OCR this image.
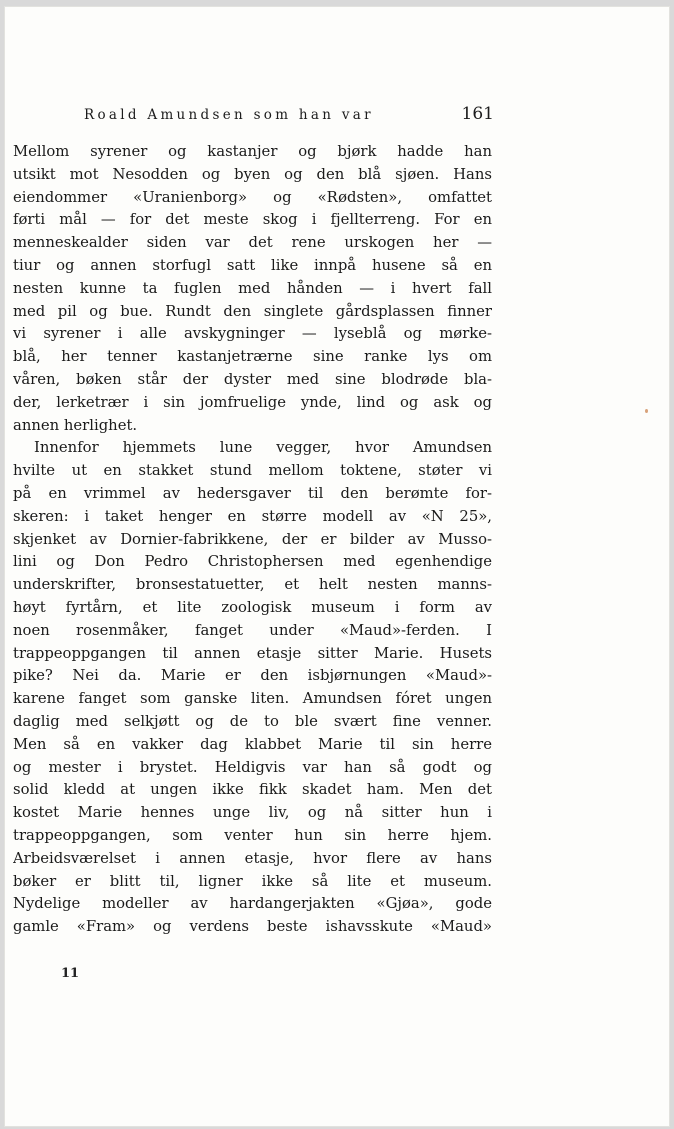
Roald Amundsen som han var	161
Mellom syrener og kastanjer og bjørk hadde han
utsikt mot Nesodden og byen og den blå sjøen. Hans
eiendommer «Uranienborg» og «Rødsten», omfattet
førti mål — for det meste skog i fjellterreng. For en
menneskealder siden var det rene urskogen her —
tiur og annen storfugl satt like innpå husene så en
nesten kunne ta fuglen med hånden — i hvert fall
med pil og bue. Rundt den singlete gårdsplassen finner
vi syrener i alle avskygninger — lyseblå og mørke-
blå, her tenner kastanjetrærne sine ranke lys om
våren, bøken står der dyster med sine blodrøde bla-
der, lerketrær i sin jomfruelige ynde, lind og ask og
annen herlighet.
Innenfor hjemmets lune vegger, hvor Amundsen
hvilte ut en stakket stund mellom toktene, støter vi
på en vrimmel av hedersgaver til den berømte for-
skeren: i taket henger en større modell av «N 25»,
skjenket av Dornier-fabrikkene, der er bilder av Musso-
lini og Don Pedro Christophersen med egenhendige
underskrifter, bronsestatuetter, et helt nesten manns-
høyt fyrtårn, et lite zoologisk museum i form av
noen rosenmåker, fanget under «Maud»-ferden. I
trappeoppgangen til annen etasje sitter Marie. Husets
pike? Nei da. Marie er den isbjørnungen «Maud»-
karene fanget som ganske liten. Amundsen fóret ungen
daglig med selkjøtt og de to ble svært fine venner.
Men så en vakker dag klabbet Marie til sin herre
og mester i brystet. Heldigvis var han så godt og
solid kledd at ungen ikke fikk skadet ham. Men det
kostet Marie hennes unge liv, og nå sitter hun i
trappeoppgangen, som venter hun sin herre hjem.
Arbeidsværelset i annen etasje, hvor flere av hans
bøker er blitt til, ligner ikke så lite et museum.
Nydelige modeller av hardangerjakten «Gjøa», gode
gamle «Fram» og verdens beste ishavsskute «Maud»
11
